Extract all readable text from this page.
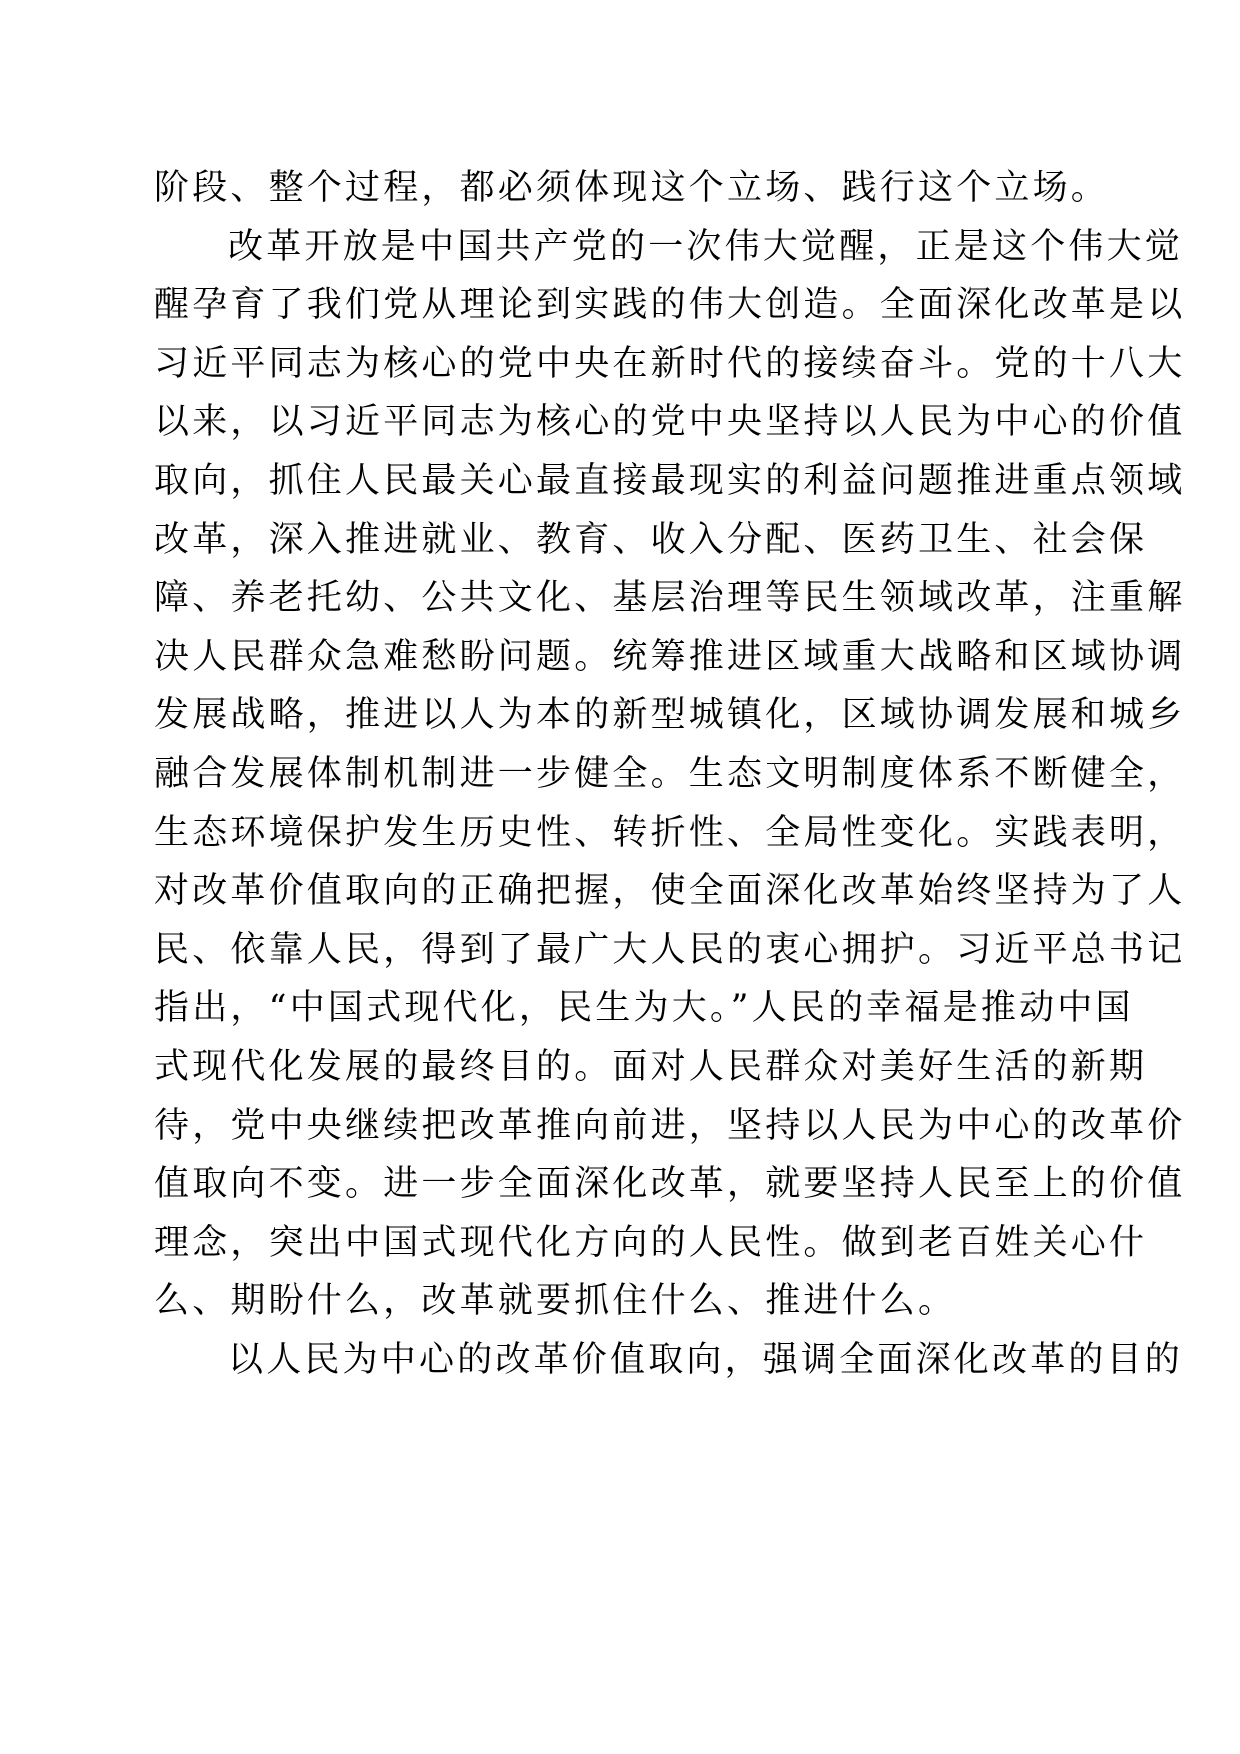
阶段、整个过程，都必须体现这个立场、践行这个立场。
改革开放是中国共产党的一次伟大觉醒，正是这个伟大觉
醒孕育了我们党从理论到实践的伟大创造。全面深化改革是以
习近平同志为核心的党中央在新时代的接续奋斗。党的十八大
以来，以习近平同志为核心的党中央坚持以人民为中心的价值
取向，抓住人民最关心最直接最现实的利益问题推进重点领域
改革，深入推进就业、教育、收入分配、医药卫生、社会保
障、养老托幼、公共文化、基层治理等民生领域改革，注重解
决人民群众急难愁盼问题。统筹推进区域重大战略和区域协调
发展战略，推进以人为本的新型城镇化，区域协调发展和城乡
融合发展体制机制进一步健全。生态文明制度体系不断健全，
生态环境保护发生历史性、转折性、全局性变化。实践表明，
对改革价值取向的正确把握，使全面深化改革始终坚持为了人
民、依靠人民，得到了最广大人民的衷心拥护。习近平总书记
指出，“中国式现代化，民生为大。”人民的幸福是推动中国
式现代化发展的最终目的。面对人民群众对美好生活的新期
待，党中央继续把改革推向前进，坚持以人民为中心的改革价
值取向不变。进一步全面深化改革，就要坚持人民至上的价值
理念，突出中国式现代化方向的人民性。做到老百姓关心什
么、期盼什么，改革就要抓住什么、推进什么。
以人民为中心的改革价值取向，强调全面深化改革的目的
